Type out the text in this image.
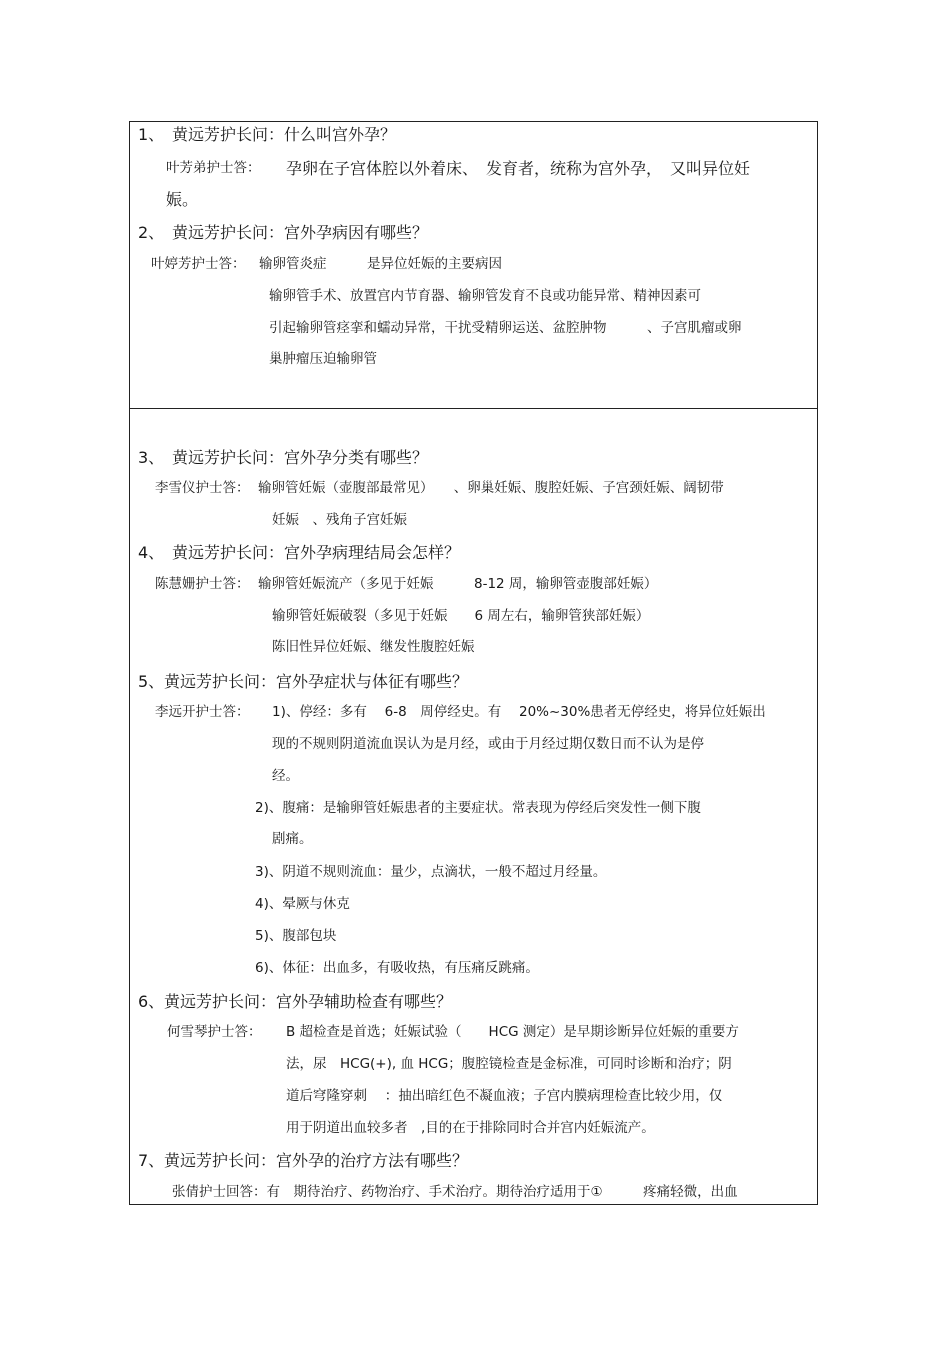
1、 黄远芳护长问：什么叫宫外孕？
叶芳弟护士答： 孕卵在子宫体腔以外着床、　发育者，统称为宫外孕，　又叫异位妊
娠。
2、 黄远芳护长问：宫外孕病因有哪些？
叶婷芳护士答： 输卵管炎症　　　是异位妊娠的主要病因
输卵管手术、放置宫内节育器、输卵管发育不良或功能异常、精神因素可
引起输卵管痉挛和蠕动异常，干扰受精卵运送、盆腔肿物　　　、子宫肌瘤或卵
巢肿瘤压迫输卵管
3、 黄远芳护长问：宫外孕分类有哪些？
李雪仪护士答： 输卵管妊娠（壶腹部最常见）　　、卵巢妊娠、腹腔妊娠、子宫颈妊娠、阔韧带
妊娠　、残角子宫妊娠
4、 黄远芳护长问：宫外孕病理结局会怎样？
陈慧姗护士答： 输卵管妊娠流产（多见于妊娠　　　8-12 周，输卵管壶腹部妊娠）
输卵管妊娠破裂（多见于妊娠　　6 周左右，输卵管狭部妊娠）
陈旧性异位妊娠、继发性腹腔妊娠
5、 黄远芳护长问：宫外孕症状与体征有哪些？
李远开护士答： 1)、停经：多有　 6-8　周停经史。有　 20%~30%患者无停经史，将异位妊娠出
现的不规则阴道流血误认为是月经，或由于月经过期仅数日而不认为是停
经。
2)、腹痛：是输卵管妊娠患者的主要症状。常表现为停经后突发性一侧下腹
剧痛。
3)、阴道不规则流血：量少，点滴状，一般不超过月经量。
4)、晕厥与休克
5)、腹部包块
6)、体征：出血多，有吸收热，有压痛反跳痛。
6、 黄远芳护长问：宫外孕辅助检查有哪些？
何雪琴护士答： B 超检查是首选；妊娠试验（　　HCG 测定）是早期诊断异位妊娠的重要方
法，尿　HCG(+), 血 HCG；腹腔镜检查是金标准，可同时诊断和治疗；阴
道后穹隆穿刺　 ：抽出暗红色不凝血液；子宫内膜病理检查比较少用，仅
用于阴道出血较多者　,目的在于排除同时合并宫内妊娠流产。
7、 黄远芳护长问：宫外孕的治疗方法有哪些？
张倩护士回答：有　期待治疗、药物治疗、手术治疗。期待治疗适用于①　　　疼痛轻微，出血
